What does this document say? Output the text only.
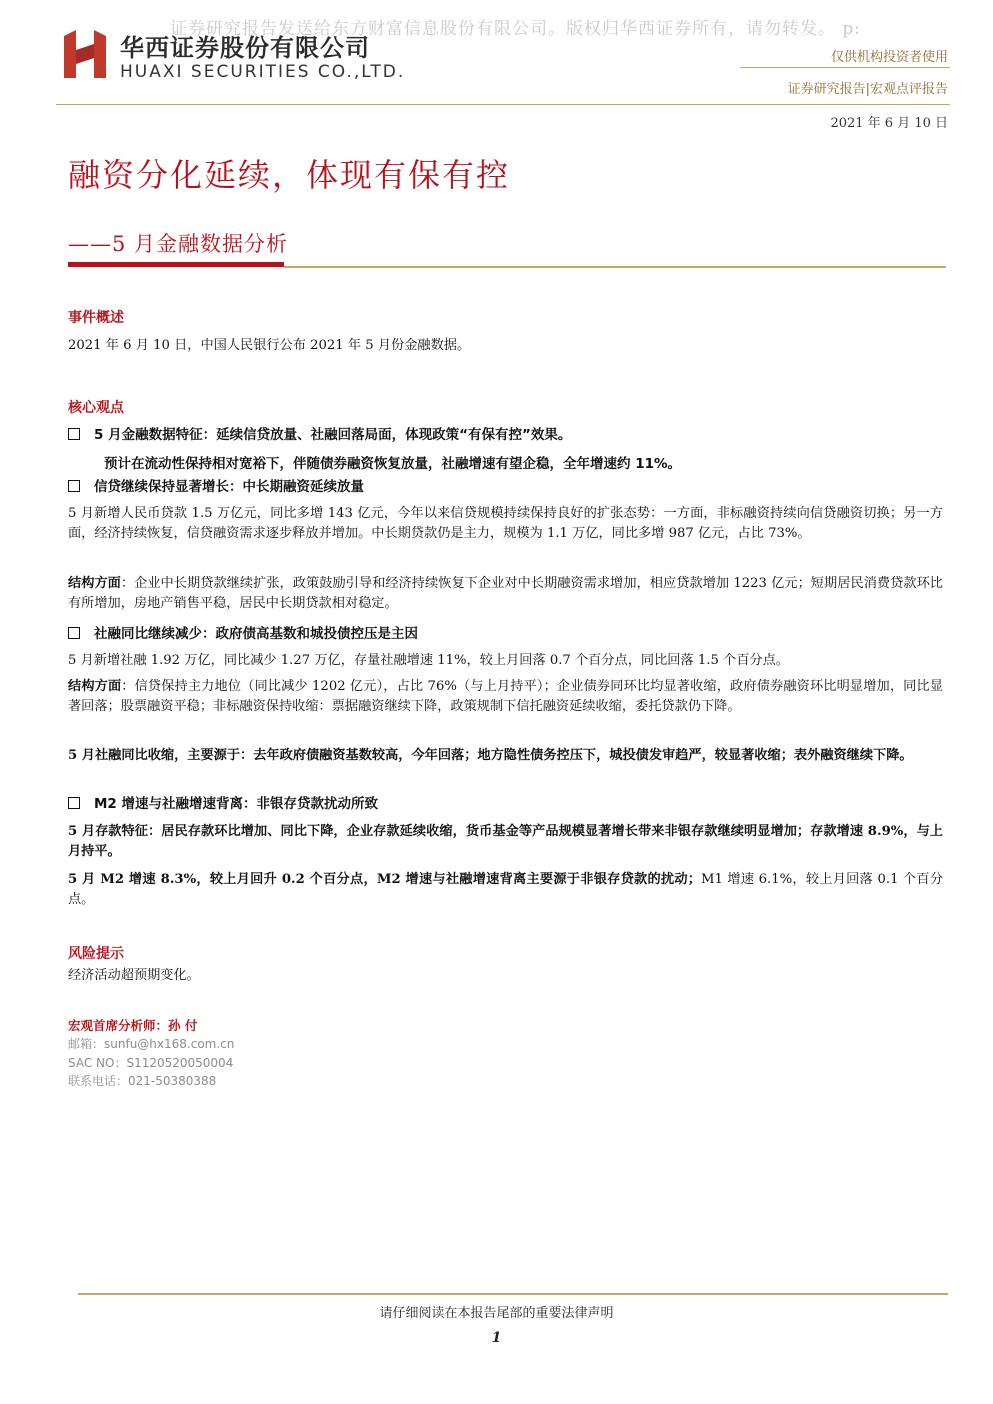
证券研究报告发送给东方财富信息股份有限公司。版权归华西证券所有，请勿转发。 p:
华西证券股份有限公司
HUAXI SECURITIES CO.,LTD.
仅供机构投资者使用
证券研究报告|宏观点评报告
2021 年 6 月 10 日
融资分化延续，体现有保有控
——5 月金融数据分析
事件概述
2021 年 6 月 10 日，中国人民银行公布 2021 年 5 月份金融数据。
核心观点
5 月金融数据特征：延续信贷放量、社融回落局面，体现政策“有保有控”效果。
预计在流动性保持相对宽裕下，伴随债券融资恢复放量，社融增速有望企稳，全年增速约 11%。
信贷继续保持显著增长：中长期融资延续放量
5 月新增人民币贷款 1.5 万亿元，同比多增 143 亿元，今年以来信贷规模持续保持良好的扩张态势：一方面，非标融资持续向信贷融资切换；另一方面，经济持续恢复，信贷融资需求逐步释放并增加。中长期贷款仍是主力，规模为 1.1 万亿，同比多增 987 亿元，占比 73%。
结构方面：企业中长期贷款继续扩张，政策鼓励引导和经济持续恢复下企业对中长期融资需求增加，相应贷款增加 1223 亿元；短期居民消费贷款环比有所增加，房地产销售平稳，居民中长期贷款相对稳定。
社融同比继续减少：政府债高基数和城投债控压是主因
5 月新增社融 1.92 万亿，同比减少 1.27 万亿，存量社融增速 11%，较上月回落 0.7 个百分点，同比回落 1.5 个百分点。
结构方面：信贷保持主力地位（同比减少 1202 亿元），占比 76%（与上月持平）；企业债券同环比均显著收缩，政府债券融资环比明显增加，同比显著回落；股票融资平稳；非标融资保持收缩：票据融资继续下降，政策规制下信托融资延续收缩，委托贷款仍下降。
5 月社融同比收缩，主要源于：去年政府债融资基数较高，今年回落；地方隐性债务控压下，城投债发审趋严，较显著收缩；表外融资继续下降。
M2 增速与社融增速背离：非银存贷款扰动所致
5 月存款特征：居民存款环比增加、同比下降，企业存款延续收缩，货币基金等产品规模显著增长带来非银存款继续明显增加；存款增速 8.9%，与上月持平。
5 月 M2 增速 8.3%，较上月回升 0.2 个百分点，M2 增速与社融增速背离主要源于非银存贷款的扰动；M1 增速 6.1%，较上月回落 0.1 个百分点。
风险提示
经济活动超预期变化。
宏观首席分析师：孙 付
邮箱：sunfu@hx168.com.cn
SAC NO：S1120520050004
联系电话：021-50380388
请仔细阅读在本报告尾部的重要法律声明
1
